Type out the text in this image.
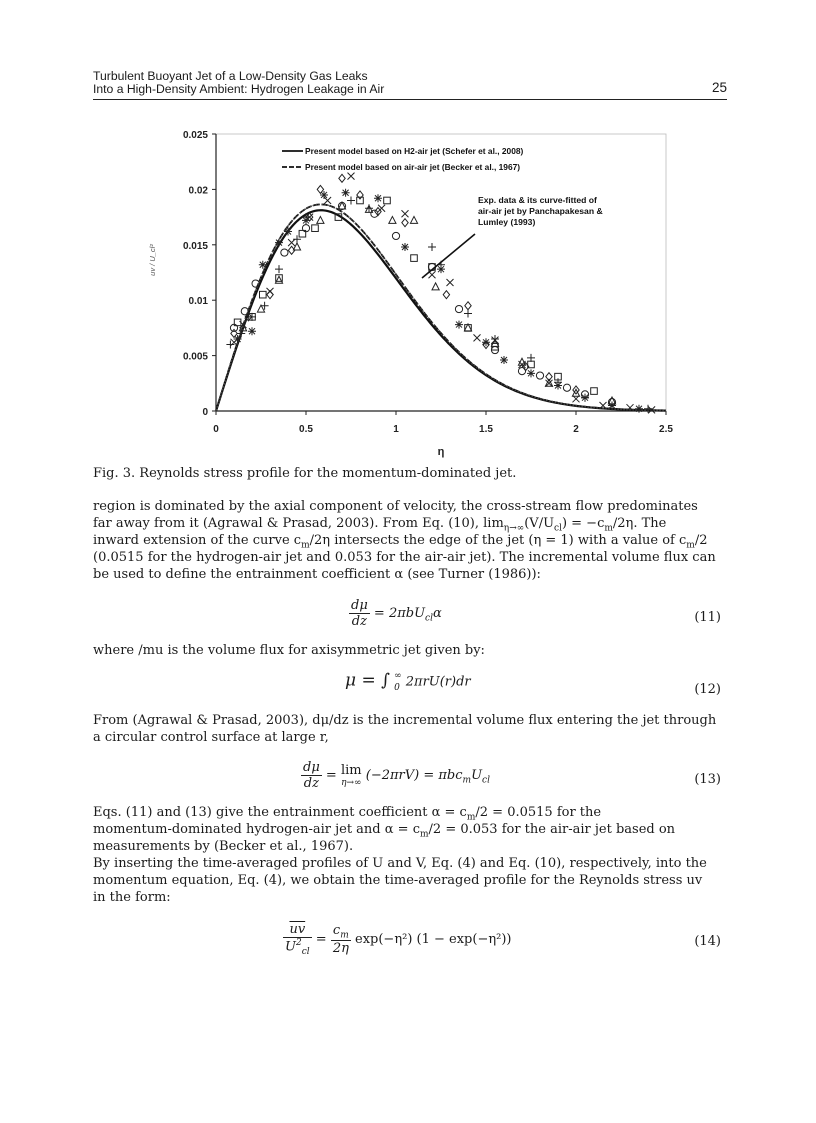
Turbulent Buoyant Jet of a Low-Density Gas Leaks
Into a High-Density Ambient: Hydrogen Leakage in Air	25
0	0.5	1	1.5	2	2.5
0
0.005
0.01
0.015
0.02
0.025
η
uv / U_cl²
Present model based on H2-air jet (Schefer et al., 2008)
Present model based on air-air jet (Becker et al., 1967)
Exp. data & its curve-fitted of
air-air jet by Panchapakesan &
Lumley (1993)
Fig. 3. Reynolds stress profile for the momentum-dominated jet.
region is dominated by the axial component of velocity, the cross-stream flow predominates
far away from it (Agrawal & Prasad, 2003). From Eq. (10), $\lim_{\eta\to\infty}(V/U_{cl}) = -c_m/2\eta$. The
inward extension of the curve $c_m/2\eta$ intersects the edge of the jet (η = 1) with a value of $c_m/2$
(0.0515 for the hydrogen-air jet and 0.053 for the air-air jet). The incremental volume flux can
be used to define the entrainment coefficient α (see Turner (1986)):
$\frac{d\mu}{dz} = 2\pi bU_{cl}\alpha$	(11)
where /mu is the volume flux for axisymmetric jet given by:
μ = ∫ ∞
0 2πrU(r)dr	(12)
From (Agrawal & Prasad, 2003), dμ/dz is the incremental volume flux entering the jet through
a circular control surface at large r,
$\frac{d\mu}{dz} = \lim$
η→∞ $(-2\pi rV) = \pi bc_mU_{cl}$	(13)
Eqs. (11) and (13) give the entrainment coefficient $\alpha = c_m/2 = 0.0515$ for the
momentum-dominated hydrogen-air jet and $\alpha = c_m/2 = 0.053$ for the air-air jet based on
measurements by (Becker et al., 1967).
By inserting the time-averaged profiles of U and V, Eq. (4) and Eq. (10), respectively, into the
momentum equation, Eq. (4), we obtain the time-averaged profile for the Reynolds stress uv
in the form:
$\frac{\overline{uv}}{U^2_{cl}} = \frac{c_m}{2\eta} \exp(-\eta^2) (1 - \exp(-\eta^2))$	(14)
